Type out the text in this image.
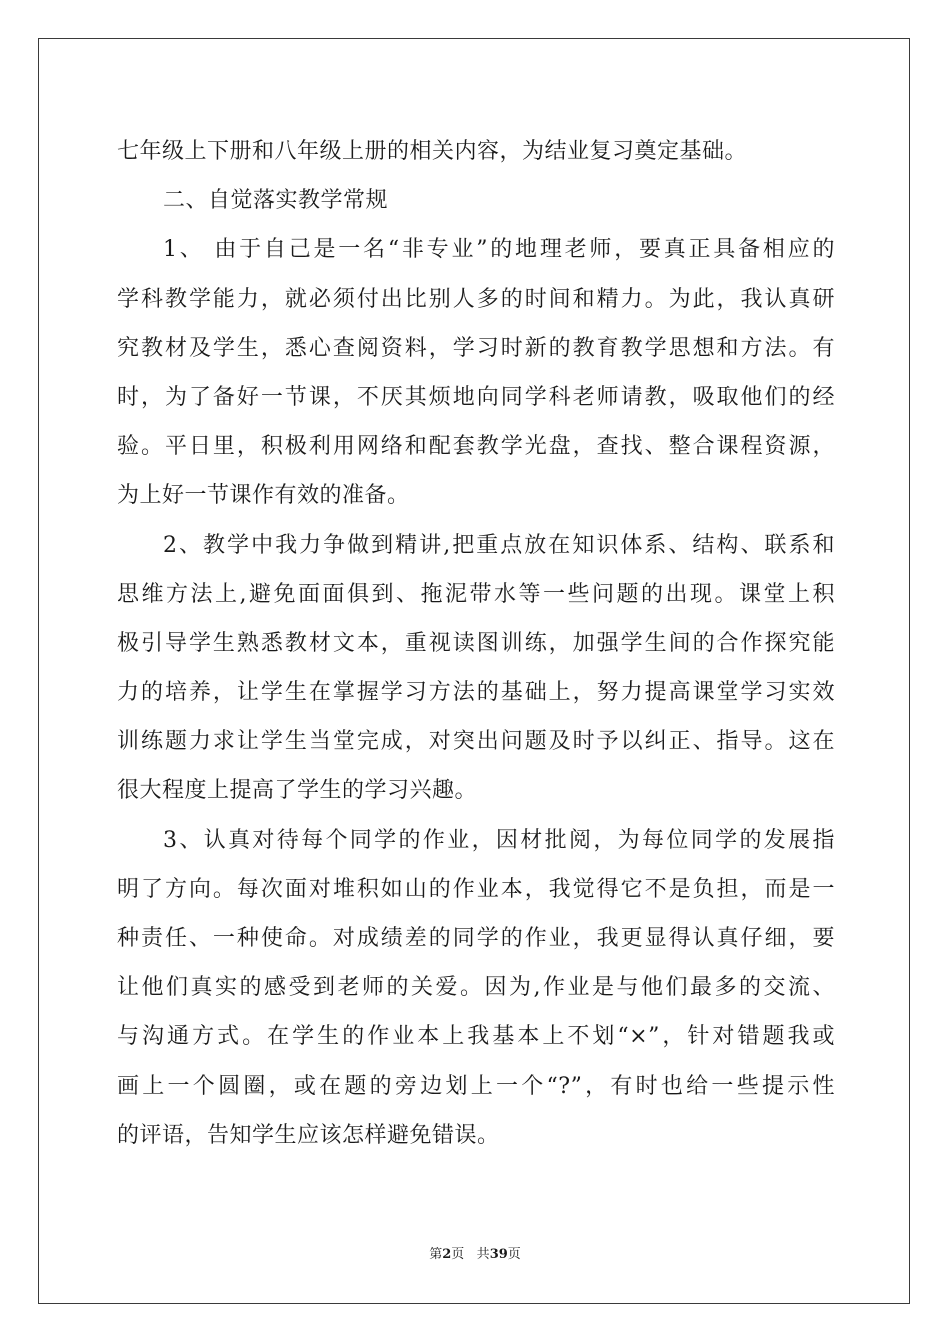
七年级上下册和八年级上册的相关内容，为结业复习奠定基础。
二、自觉落实教学常规
1、 由于自己是一名“非专业”的地理老师，要真正具备相应的
学科教学能力，就必须付出比别人多的时间和精力。为此，我认真研
究教材及学生，悉心查阅资料，学习时新的教育教学思想和方法。有
时，为了备好一节课，不厌其烦地向同学科老师请教，吸取他们的经
验。平日里，积极利用网络和配套教学光盘，查找、整合课程资源，
为上好一节课作有效的准备。
2、教学中我力争做到精讲,把重点放在知识体系、结构、联系和
思维方法上,避免面面俱到、拖泥带水等一些问题的出现。课堂上积
极引导学生熟悉教材文本，重视读图训练，加强学生间的合作探究能
力的培养，让学生在掌握学习方法的基础上，努力提高课堂学习实效
训练题力求让学生当堂完成，对突出问题及时予以纠正、指导。这在
很大程度上提高了学生的学习兴趣。
3、认真对待每个同学的作业，因材批阅，为每位同学的发展指
明了方向。每次面对堆积如山的作业本，我觉得它不是负担，而是一
种责任、一种使命。对成绩差的同学的作业，我更显得认真仔细，要
让他们真实的感受到老师的关爱。因为,作业是与他们最多的交流、
与沟通方式。在学生的作业本上我基本上不划“×”，针对错题我或
画上一个圆圈，或在题的旁边划上一个“?”，有时也给一些提示性
的评语，告知学生应该怎样避免错误。
第2页 共39页
